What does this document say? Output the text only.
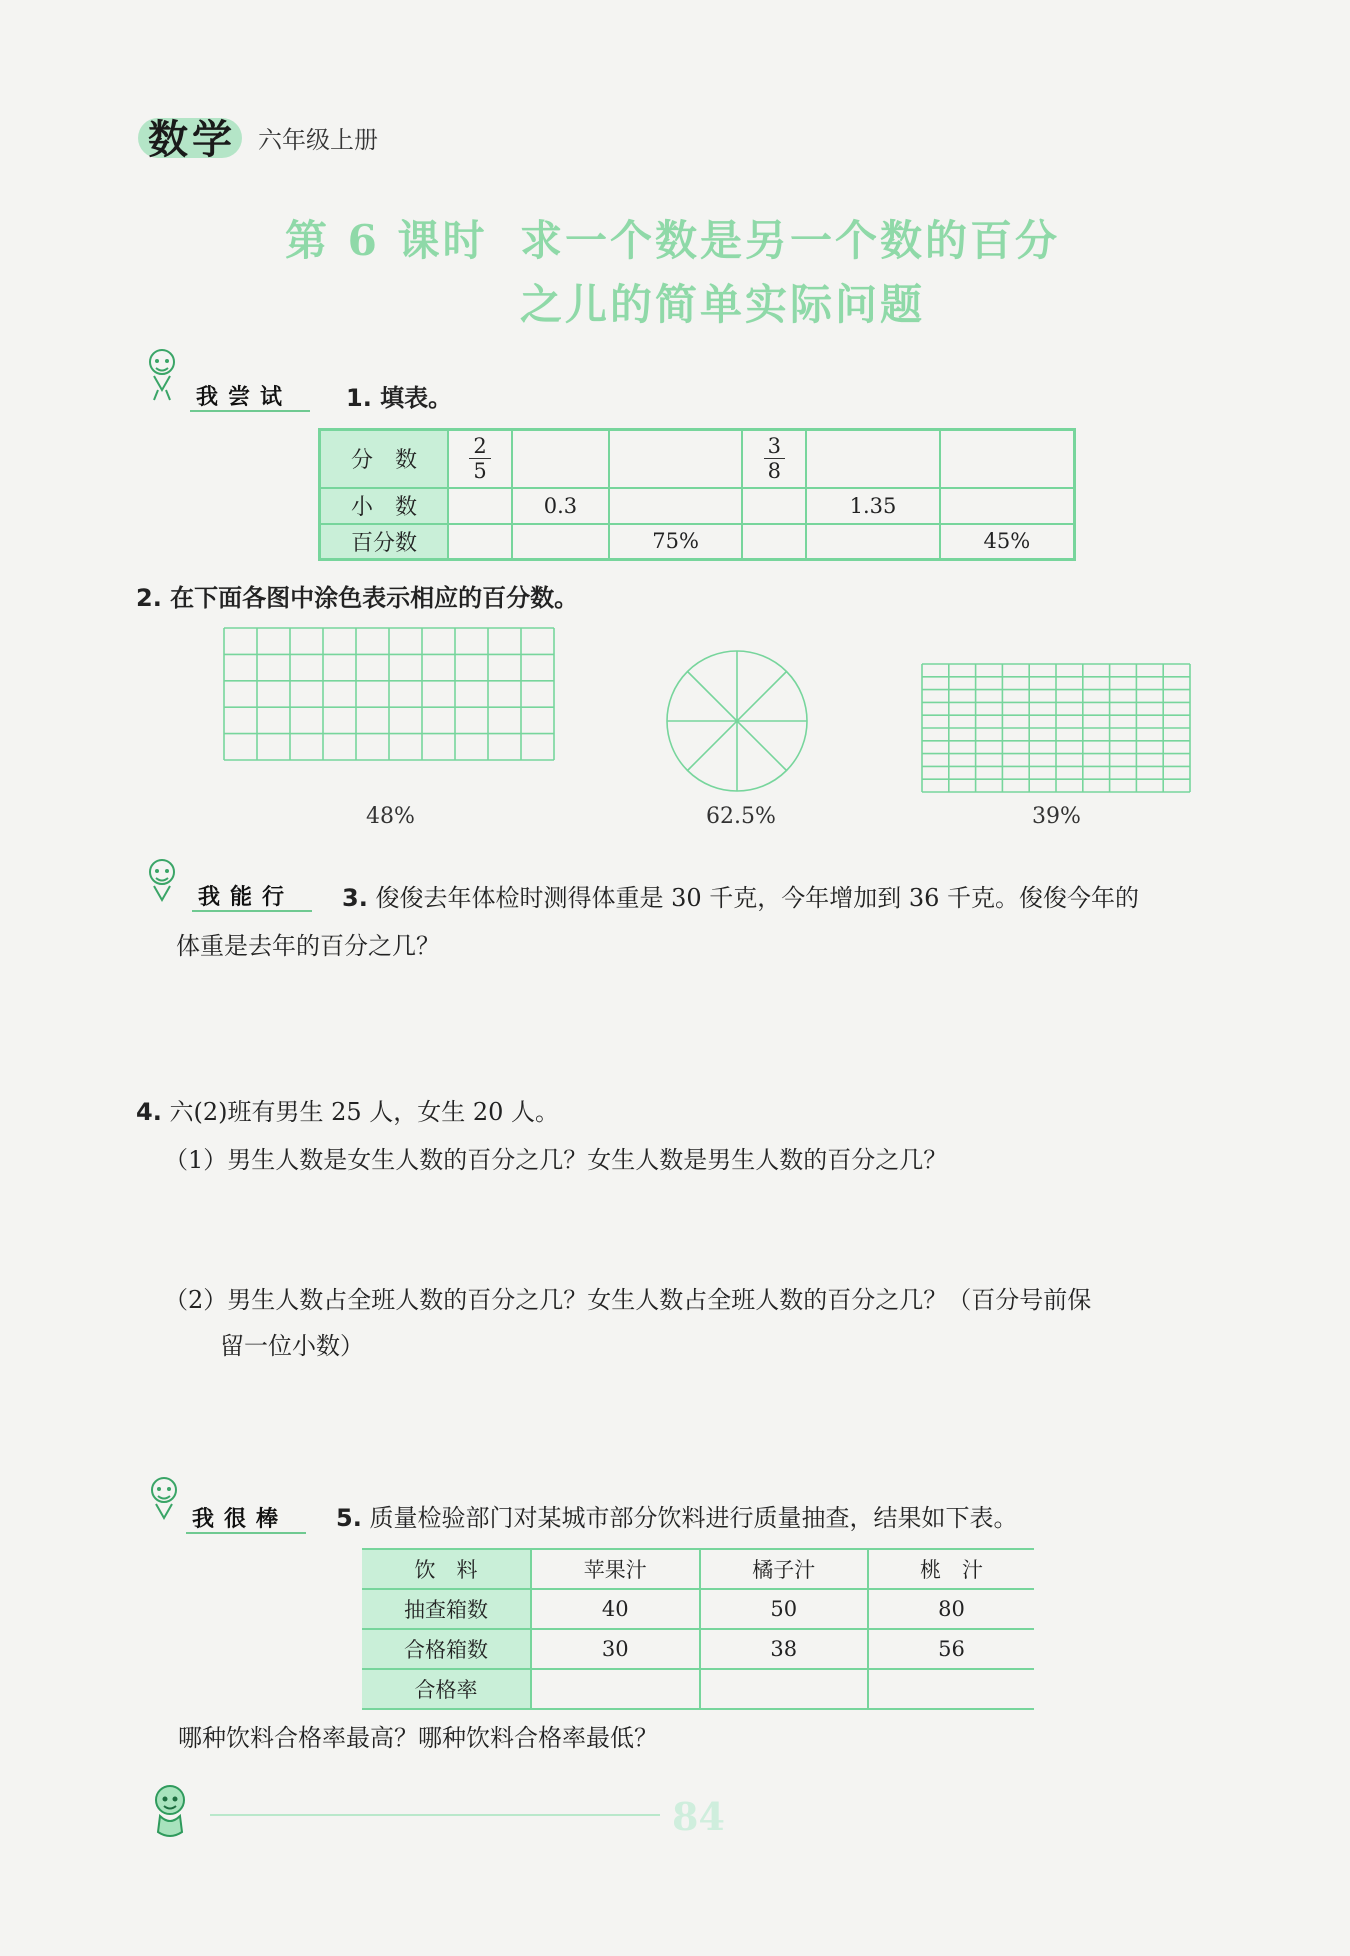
数学 六年级上册
第 6 课时 求一个数是另一个数的百分
之儿的简单实际问题
我尝试 1. 填表。
分　数	$\frac{2}{5}$			$\frac{3}{8}$		
小　数		0.3			1.35	
百分数			75%			45%
2. 在下面各图中涂色表示相应的百分数。
48%	62.5%	39%
我能行 3. 俊俊去年体检时测得体重是 30 千克，今年增加到 36 千克。俊俊今年的
体重是去年的百分之几？
4. 六(2)班有男生 25 人，女生 20 人。
（1）男生人数是女生人数的百分之几？女生人数是男生人数的百分之几？
（2）男生人数占全班人数的百分之几？女生人数占全班人数的百分之几？（百分号前保
留一位小数）
我很棒 5. 质量检验部门对某城市部分饮料进行质量抽查，结果如下表。
饮　料	苹果汁	橘子汁	桃　汁
抽查箱数	40	50	80
合格箱数	30	38	56
合格率			
哪种饮料合格率最高？哪种饮料合格率最低？
84
